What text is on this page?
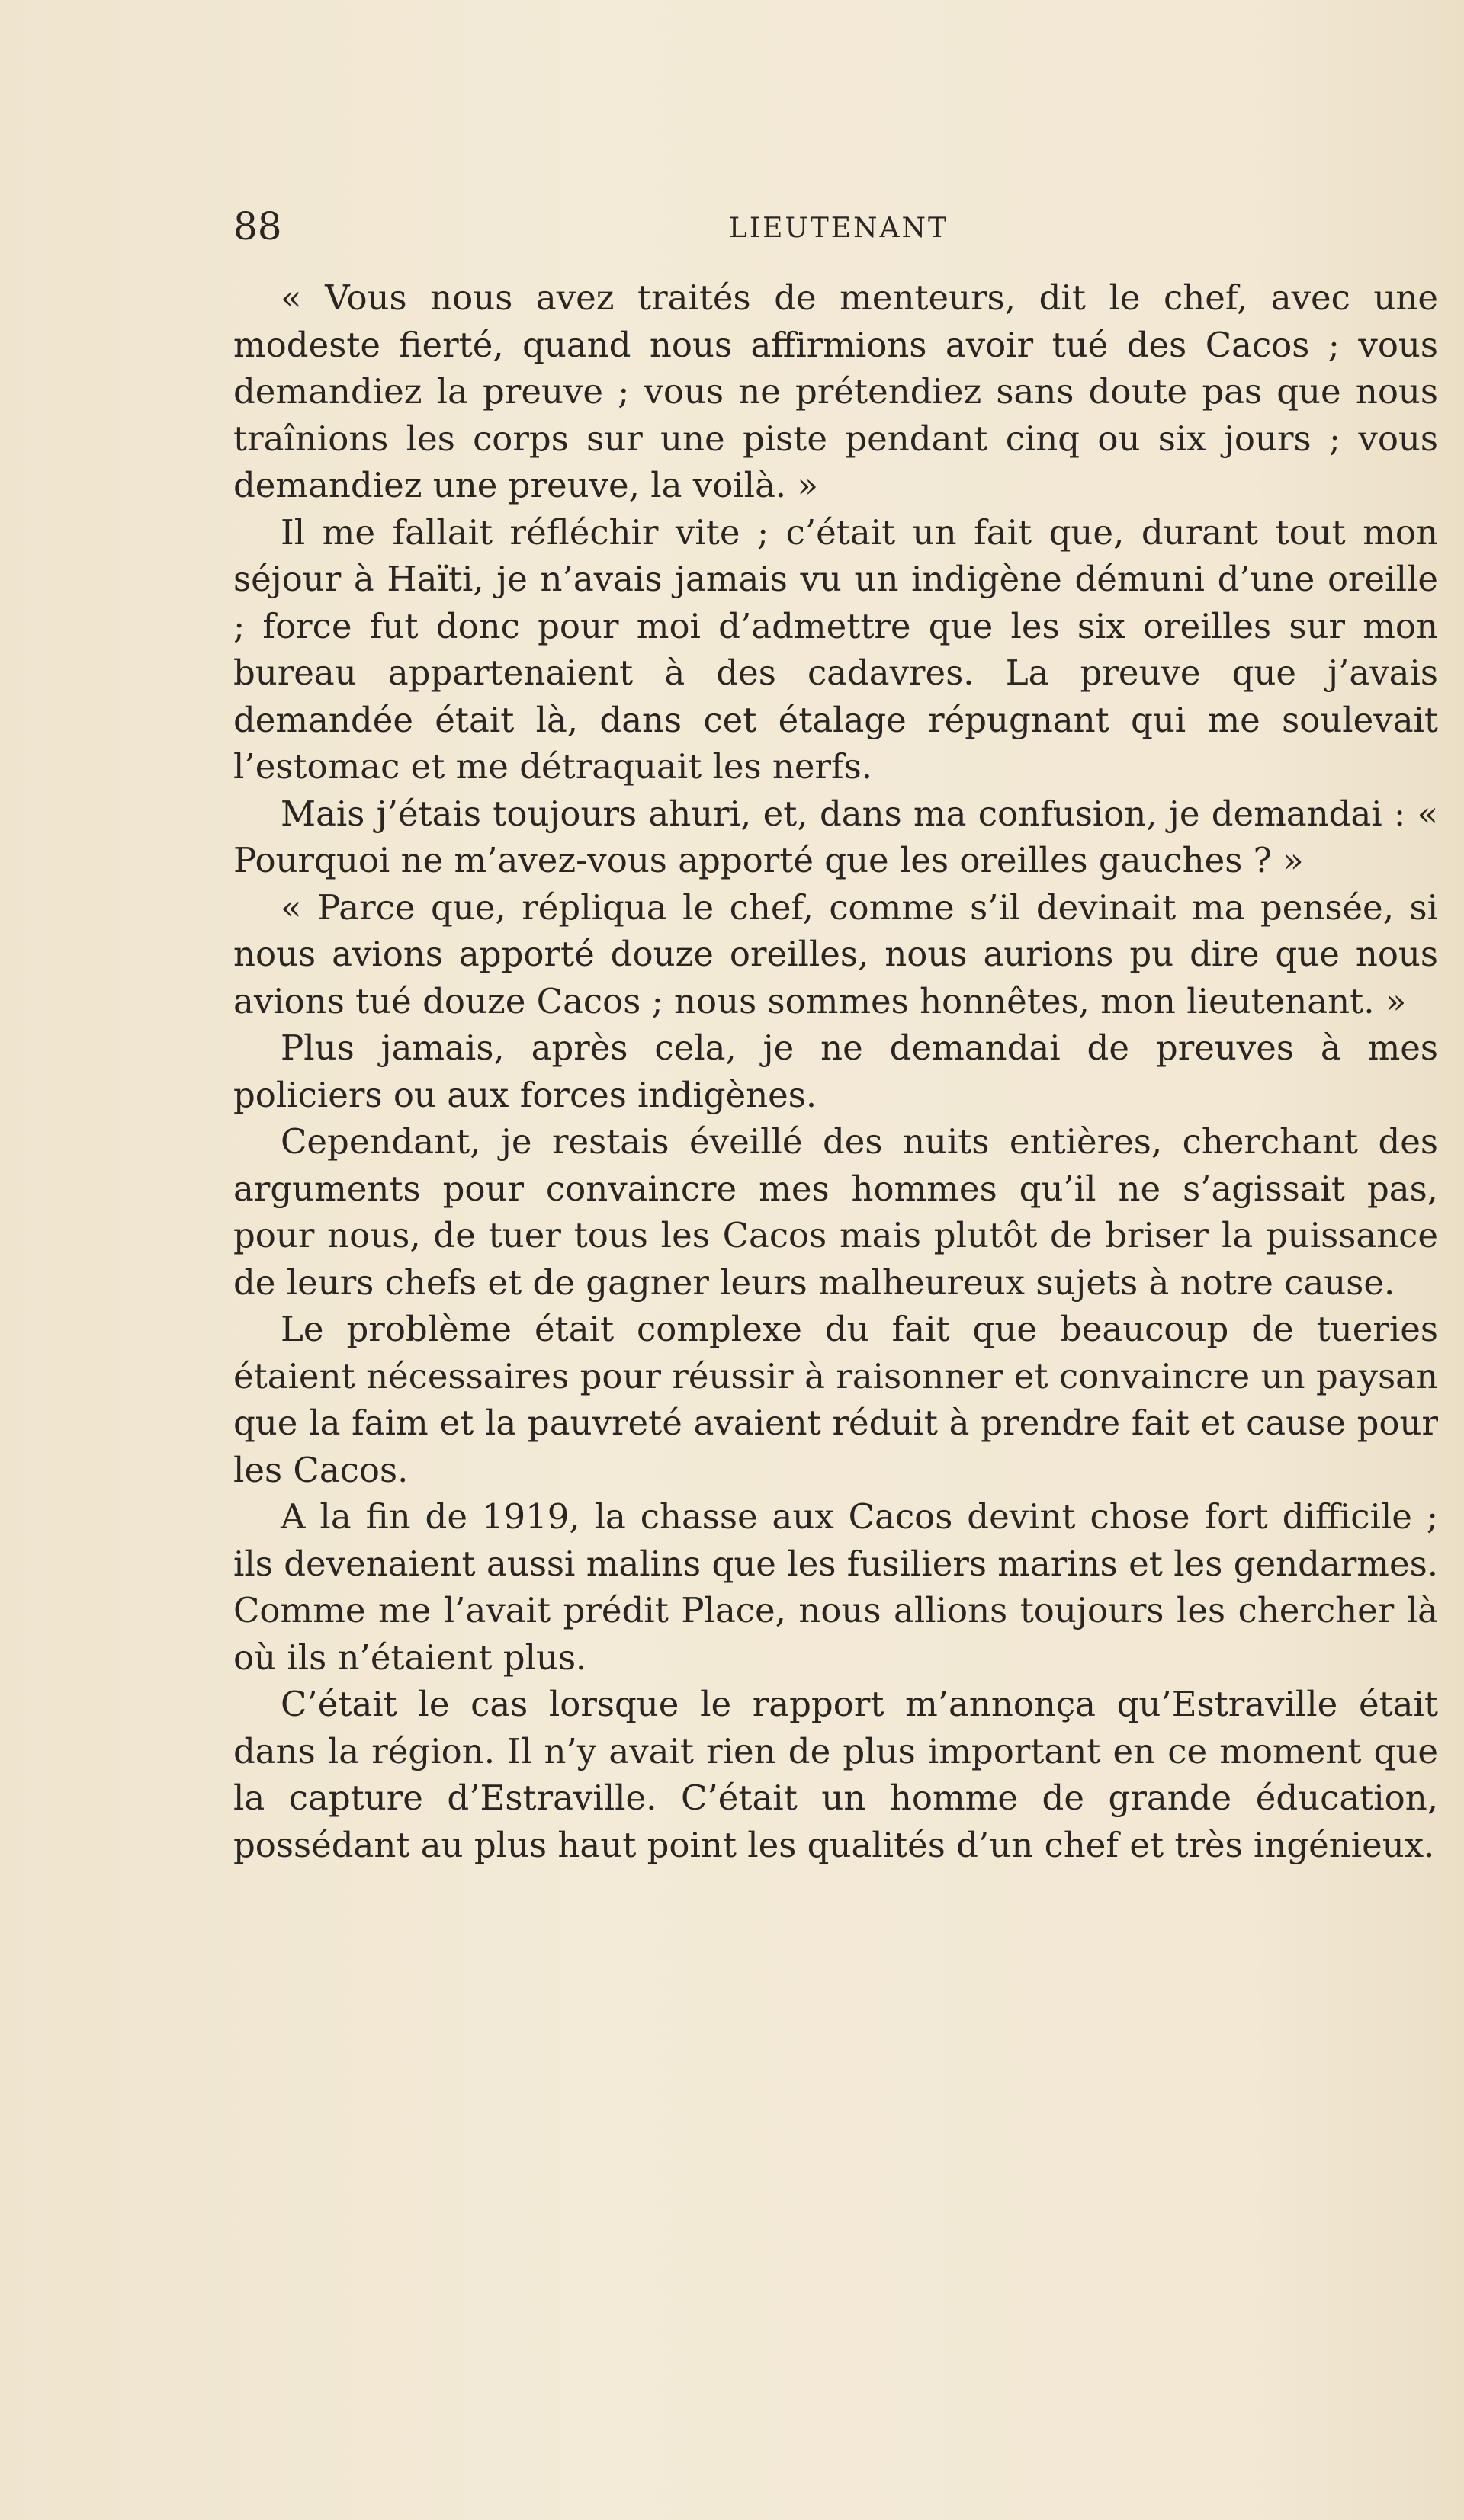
88	LIEUTENANT

« Vous nous avez traités de menteurs, dit le chef, avec une modeste fierté, quand nous affirmions avoir tué des Cacos ; vous demandiez la preuve ; vous ne prétendiez sans doute pas que nous traînions les corps sur une piste pendant cinq ou six jours ; vous demandiez une preuve, la voilà. »

Il me fallait réfléchir vite ; c’était un fait que, durant tout mon séjour à Haïti, je n’avais jamais vu un indigène démuni d’une oreille ; force fut donc pour moi d’admettre que les six oreilles sur mon bureau appartenaient à des cadavres. La preuve que j’avais demandée était là, dans cet étalage répugnant qui me soulevait l’estomac et me détraquait les nerfs.

Mais j’étais toujours ahuri, et, dans ma confusion, je demandai : « Pourquoi ne m’avez-vous apporté que les oreilles gauches ? »

« Parce que, répliqua le chef, comme s’il devinait ma pensée, si nous avions apporté douze oreilles, nous aurions pu dire que nous avions tué douze Cacos ; nous sommes honnêtes, mon lieutenant. »

Plus jamais, après cela, je ne demandai de preuves à mes policiers ou aux forces indigènes.

Cependant, je restais éveillé des nuits entières, cherchant des arguments pour convaincre mes hommes qu’il ne s’agissait pas, pour nous, de tuer tous les Cacos mais plutôt de briser la puissance de leurs chefs et de gagner leurs malheureux sujets à notre cause.

Le problème était complexe du fait que beaucoup de tueries étaient nécessaires pour réussir à raisonner et convaincre un paysan que la faim et la pauvreté avaient réduit à prendre fait et cause pour les Cacos.

A la fin de 1919, la chasse aux Cacos devint chose fort difficile ; ils devenaient aussi malins que les fusiliers marins et les gendarmes. Comme me l’avait prédit Place, nous allions toujours les chercher là où ils n’étaient plus.

C’était le cas lorsque le rapport m’annonça qu’Estraville était dans la région. Il n’y avait rien de plus important en ce moment que la capture d’Estraville. C’était un homme de grande éducation, possédant au plus haut point les qualités d’un chef et très ingénieux.
